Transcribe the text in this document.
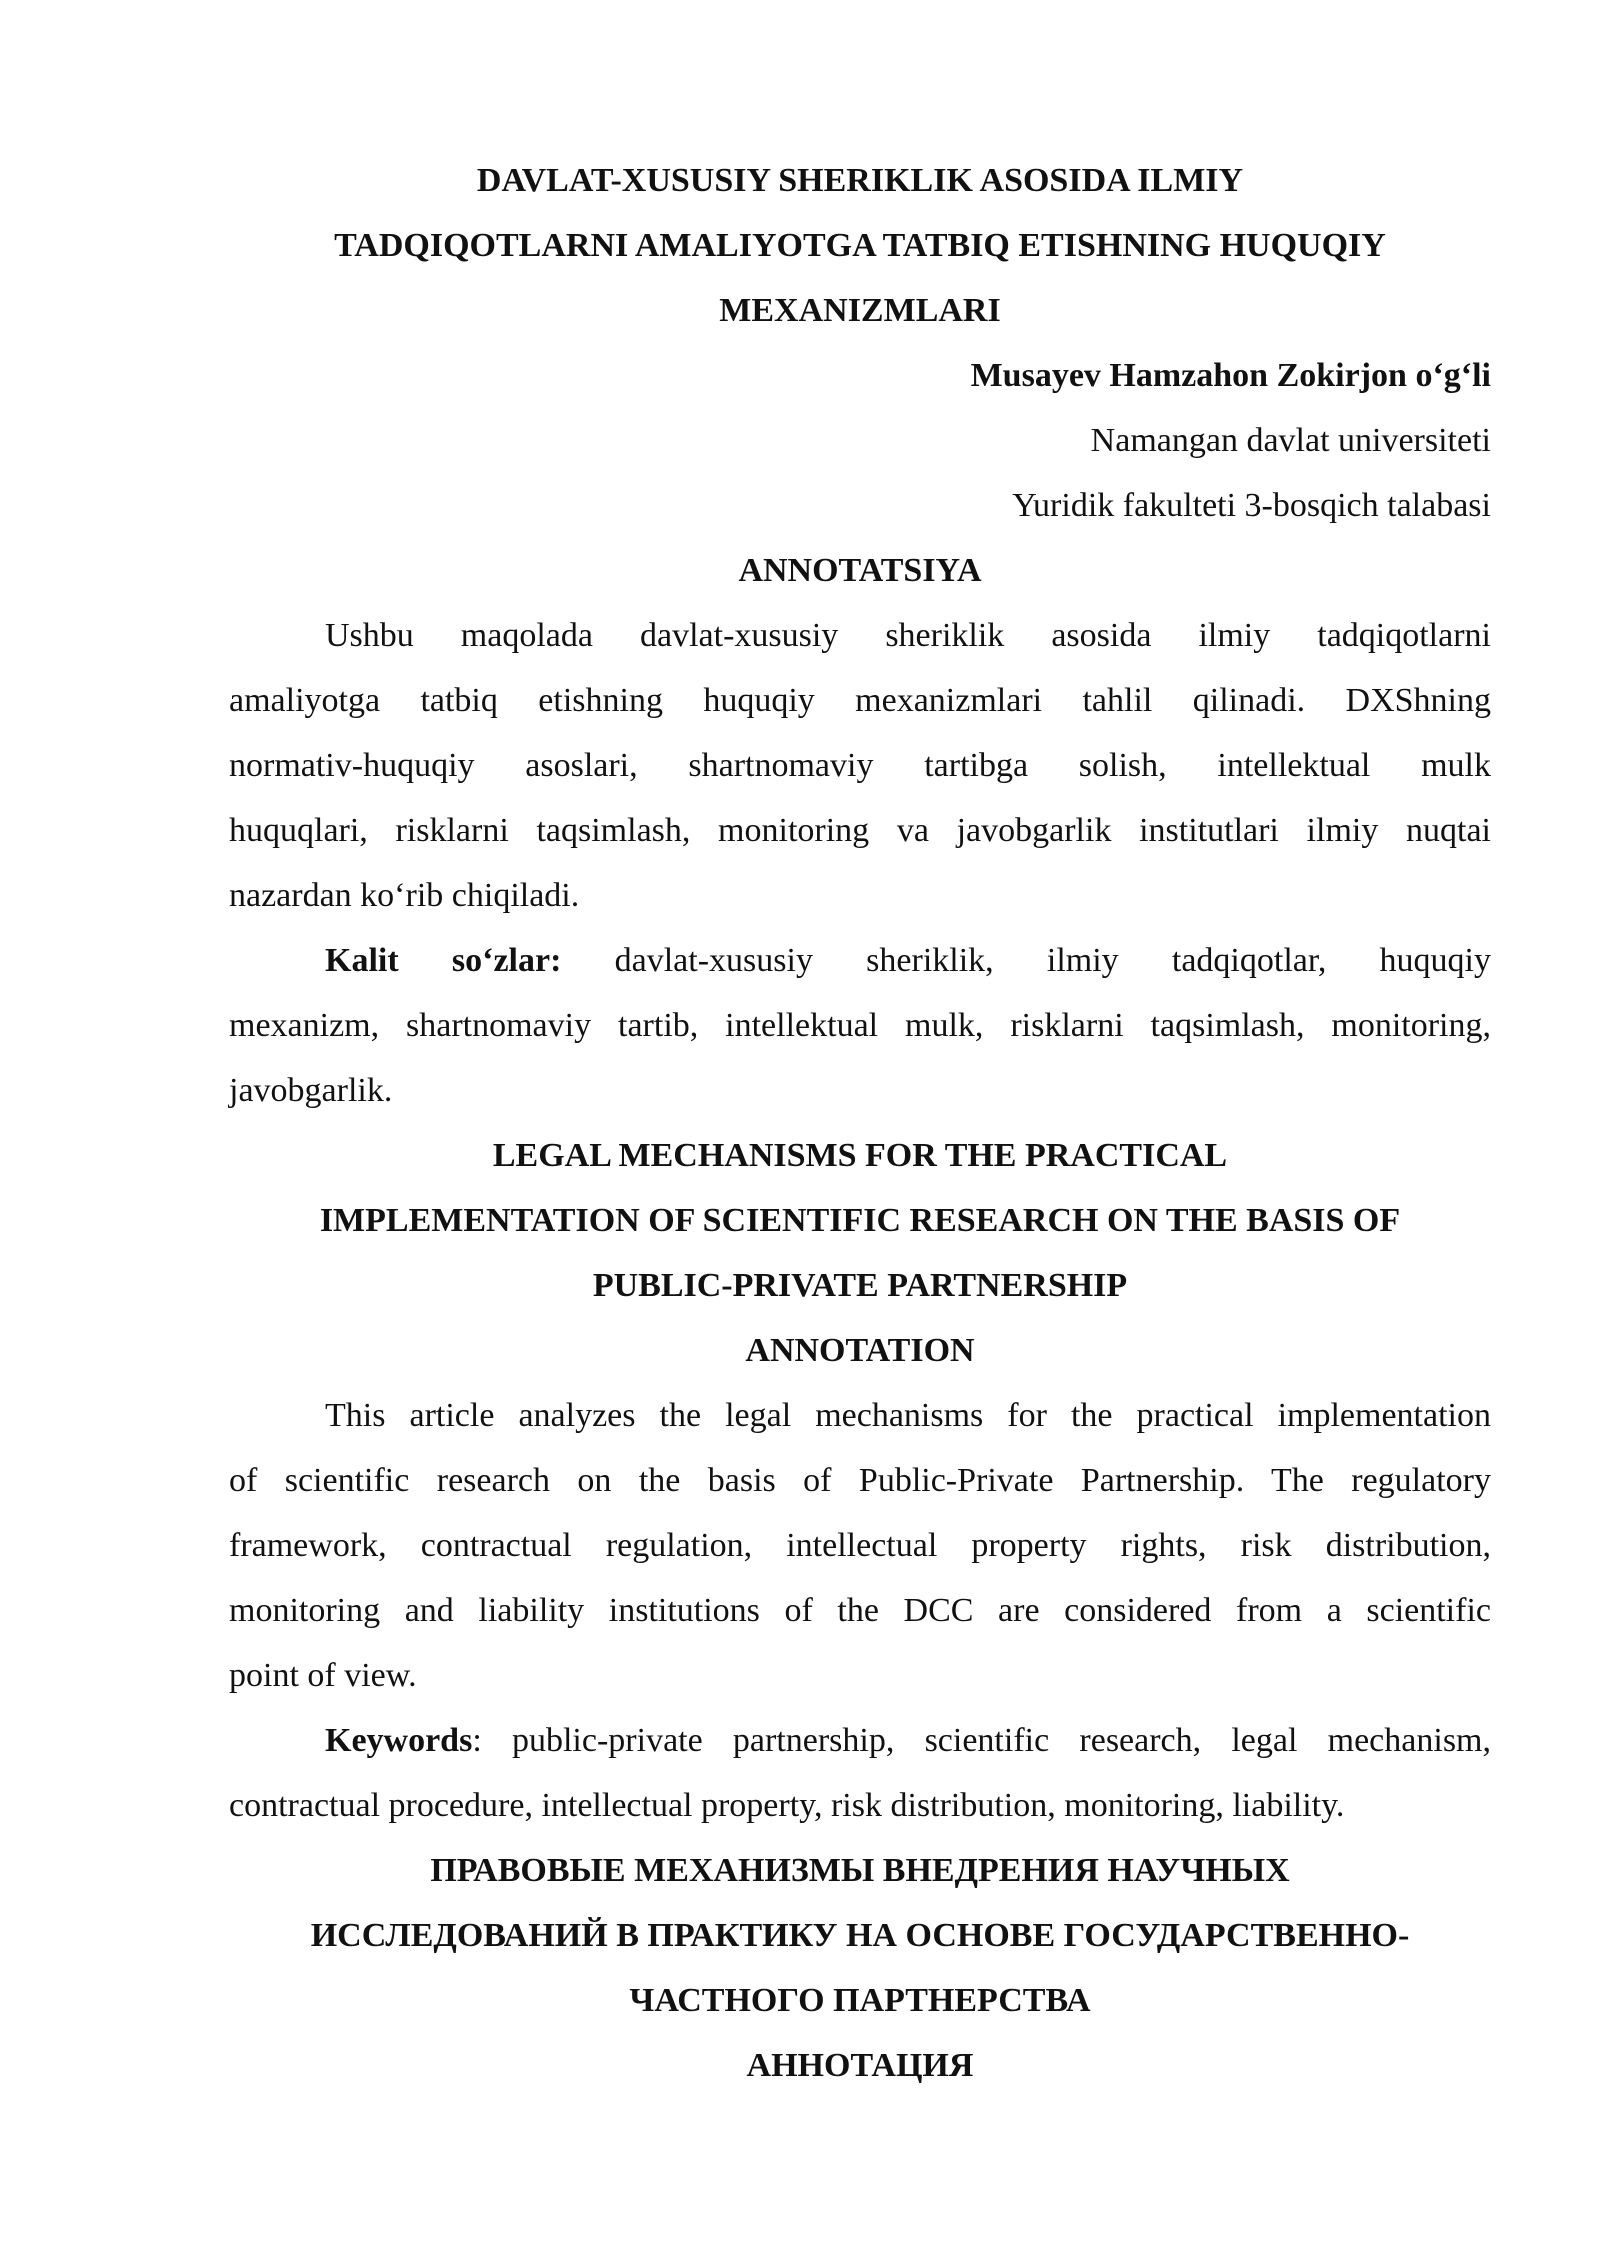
DAVLAT-XUSUSIY SHERIKLIK ASOSIDA ILMIY
TADQIQOTLARNI AMALIYOTGA TATBIQ ETISHNING HUQUQIY
MEXANIZMLARI
Musayev Hamzahon Zokirjon o‘g‘li
Namangan davlat universiteti
Yuridik fakulteti 3-bosqich talabasi
ANNOTATSIYA
Ushbu maqolada davlat-xususiy sheriklik asosida ilmiy tadqiqotlarni
amaliyotga tatbiq etishning huquqiy mexanizmlari tahlil qilinadi. DXShning
normativ-huquqiy asoslari, shartnomaviy tartibga solish, intellektual mulk
huquqlari, risklarni taqsimlash, monitoring va javobgarlik institutlari ilmiy nuqtai
nazardan ko‘rib chiqiladi.
Kalit so‘zlar: davlat-xususiy sheriklik, ilmiy tadqiqotlar, huquqiy
mexanizm, shartnomaviy tartib, intellektual mulk, risklarni taqsimlash, monitoring,
javobgarlik.
LEGAL MECHANISMS FOR THE PRACTICAL
IMPLEMENTATION OF SCIENTIFIC RESEARCH ON THE BASIS OF
PUBLIC-PRIVATE PARTNERSHIP
ANNOTATION
This article analyzes the legal mechanisms for the practical implementation
of scientific research on the basis of Public-Private Partnership. The regulatory
framework, contractual regulation, intellectual property rights, risk distribution,
monitoring and liability institutions of the DCC are considered from a scientific
point of view.
Keywords: public-private partnership, scientific research, legal mechanism,
contractual procedure, intellectual property, risk distribution, monitoring, liability.
ПРАВОВЫЕ МЕХАНИЗМЫ ВНЕДРЕНИЯ НАУЧНЫХ
ИССЛЕДОВАНИЙ В ПРАКТИКУ НА ОСНОВЕ ГОСУДАРСТВЕННО-
ЧАСТНОГО ПАРТНЕРСТВА
АННОТАЦИЯ
